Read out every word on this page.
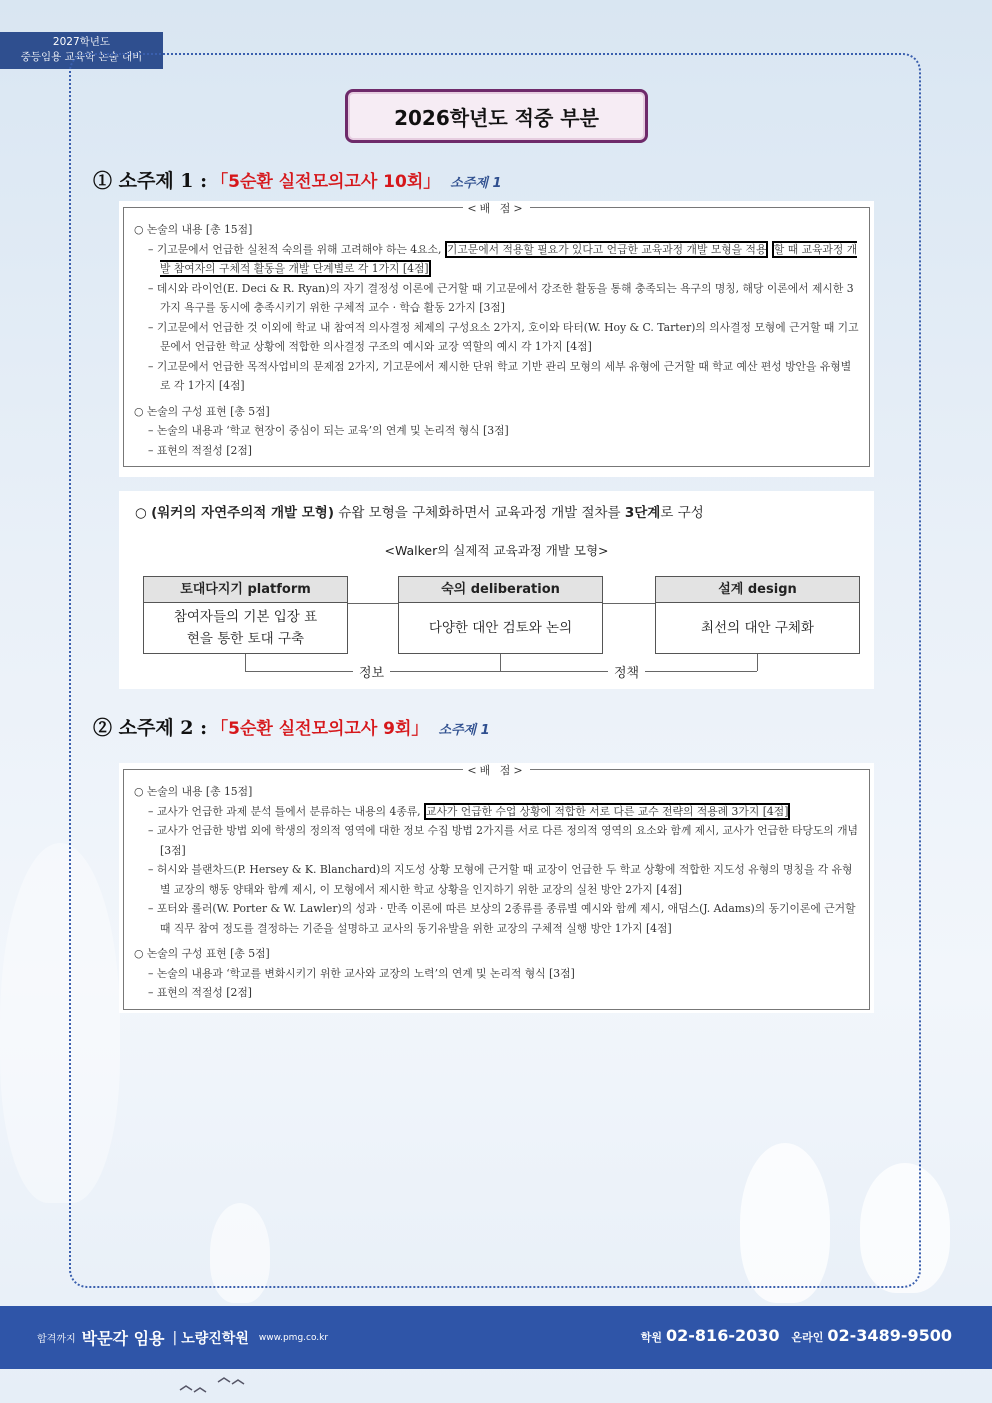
2027학년도
중등임용 교육학 논술 대비
2026학년도 적중 부분
① 소주제 1 : 「5순환 실전모의고사 10회」 소주제 1
<배 점>
○ 논술의 내용 [총 15점]
– 기고문에서 언급한 실천적 숙의를 위해 고려해야 하는 4요소, 기고문에서 적용할 필요가 있다고 언급한 교육과정 개발 모형을 적용 할 때 교육과정 개발 참여자의 구체적 활동을 개발 단계별로 각 1가지 [4점]
– 데시와 라이언(E. Deci & R. Ryan)의 자기 결정성 이론에 근거할 때 기고문에서 강조한 활동을 통해 충족되는 욕구의 명칭, 해당 이론에서 제시한 3가지 욕구를 동시에 충족시키기 위한 구체적 교수 · 학습 활동 2가지 [3점]
– 기고문에서 언급한 것 이외에 학교 내 참여적 의사결정 체제의 구성요소 2가지, 호이와 타터(W. Hoy & C. Tarter)의 의사결정 모형에 근거할 때 기고문에서 언급한 학교 상황에 적합한 의사결정 구조의 예시와 교장 역할의 예시 각 1가지 [4점]
– 기고문에서 언급한 목적사업비의 문제점 2가지, 기고문에서 제시한 단위 학교 기반 관리 모형의 세부 유형에 근거할 때 학교 예산 편성 방안을 유형별로 각 1가지 [4점]
○ 논술의 구성 표현 [총 5점]
– 논술의 내용과 ‘학교 현장이 중심이 되는 교육’의 연계 및 논리적 형식 [3점]
– 표현의 적절성 [2점]
○ (워커의 자연주의적 개발 모형) 슈왑 모형을 구체화하면서 교육과정 개발 절차를 3단계로 구성
<Walker의 실제적 교육과정 개발 모형>
토대다지기 platform
참여자들의 기본 입장 표현을 통한 토대 구축
숙의 deliberation
다양한 대안 검토와 논의
설계 design
최선의 대안 구체화
정보	정책
② 소주제 2 : 「5순환 실전모의고사 9회」 소주제 1
<배 점>
○ 논술의 내용 [총 15점]
– 교사가 언급한 과제 분석 틀에서 분류하는 내용의 4종류, 교사가 언급한 수업 상황에 적합한 서로 다른 교수 전략의 적용례 3가지 [4점]
– 교사가 언급한 방법 외에 학생의 정의적 영역에 대한 정보 수집 방법 2가지를 서로 다른 정의적 영역의 요소와 함께 제시, 교사가 언급한 타당도의 개념 [3점]
– 허시와 블랜차드(P. Hersey & K. Blanchard)의 지도성 상황 모형에 근거할 때 교장이 언급한 두 학교 상황에 적합한 지도성 유형의 명칭을 각 유형별 교장의 행동 양태와 함께 제시, 이 모형에서 제시한 학교 상황을 인지하기 위한 교장의 실천 방안 2가지 [4점]
– 포터와 롤러(W. Porter & W. Lawler)의 성과 · 만족 이론에 따른 보상의 2종류를 종류별 예시와 함께 제시, 애덤스(J. Adams)의 동기이론에 근거할 때 직무 참여 정도를 결정하는 기준을 설명하고 교사의 동기유발을 위한 교장의 구체적 실행 방안 1가지 [4점]
○ 논술의 구성 표현 [총 5점]
– 논술의 내용과 ‘학교를 변화시키기 위한 교사와 교장의 노력’의 연계 및 논리적 형식 [3점]
– 표현의 적절성 [2점]
합격까지 박문각 임용 | 노량진학원 www.pmg.co.kr	학원 02-816-2030 온라인 02-3489-9500
